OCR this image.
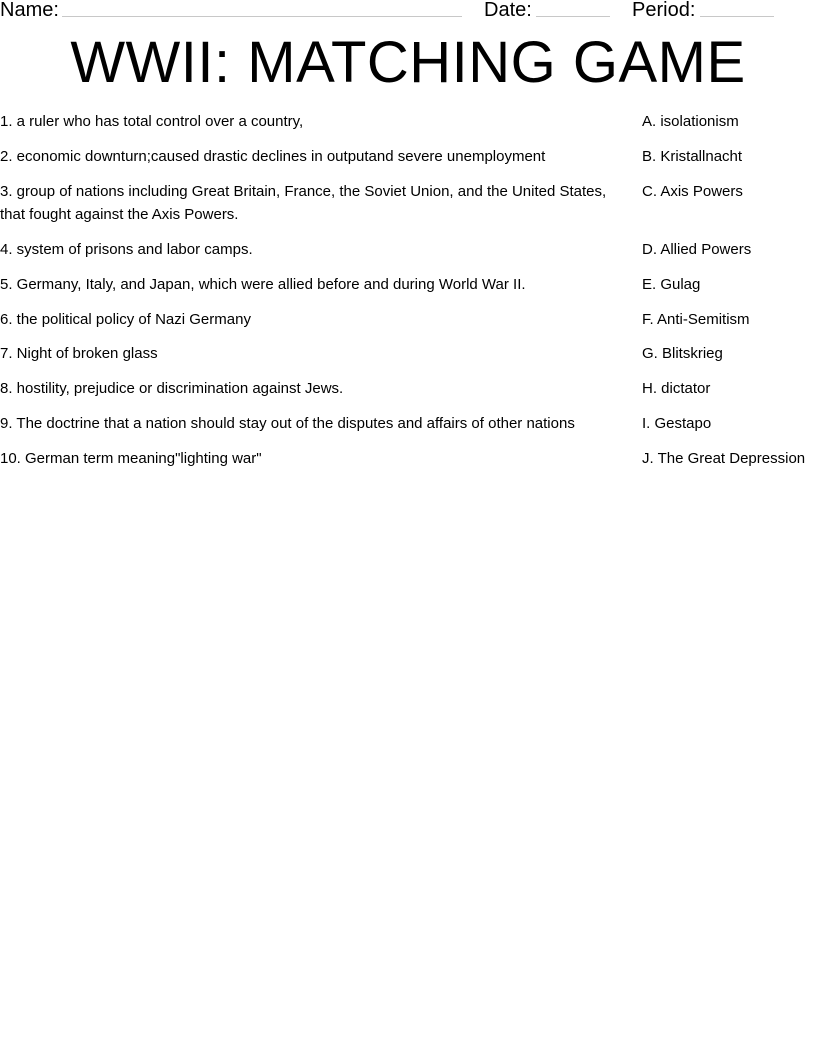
Name:	Date:	Period:
WWII: MATCHING GAME
1. a ruler who has total control over a country,
2. economic downturn;caused drastic declines in outputand severe unemployment
3. group of nations including Great Britain, France, the Soviet Union, and the United States, that fought against the Axis Powers.
4. system of prisons and labor camps.
5. Germany, Italy, and Japan, which were allied before and during World War II.
6. the political policy of Nazi Germany
7. Night of broken glass
8. hostility, prejudice or discrimination against Jews.
9. The doctrine that a nation should stay out of the disputes and affairs of other nations
10. German term meaning"lighting war"
A. isolationism
B. Kristallnacht
C. Axis Powers
D. Allied Powers
E. Gulag
F. Anti-Semitism
G. Blitskrieg
H. dictator
I. Gestapo
J. The Great Depression
